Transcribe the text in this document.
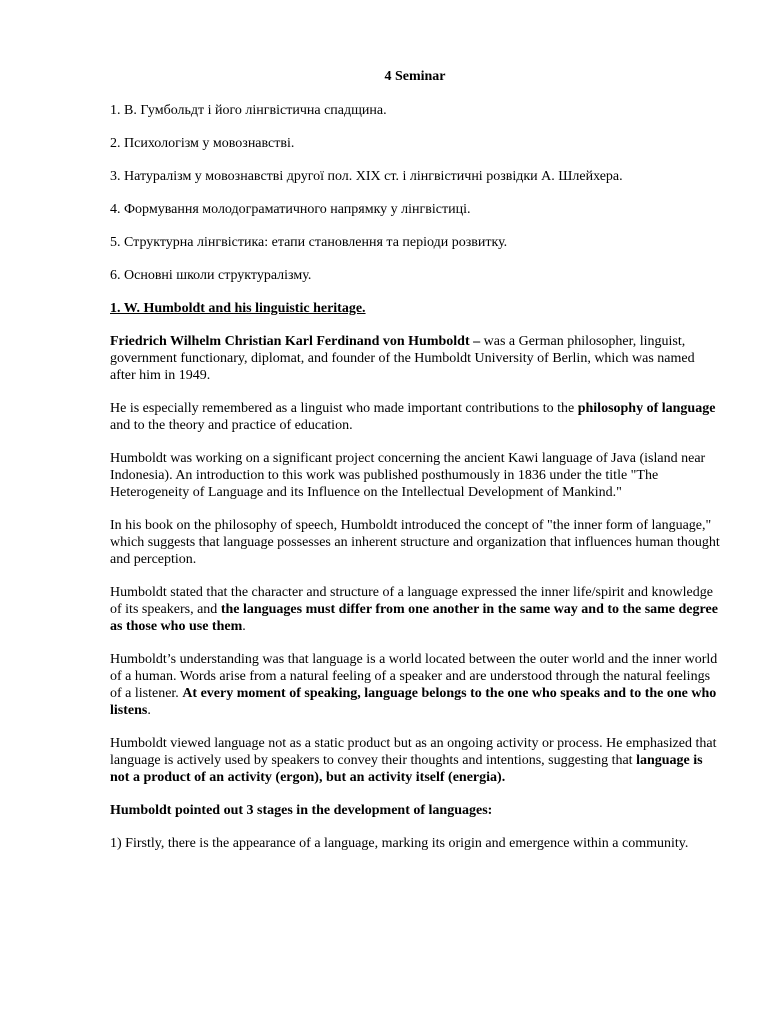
4 Seminar

1. В. Гумбольдт і його лінгвістична спадщина.

2. Психологізм у мовознавстві.

3. Натуралізм у мовознавстві другої пол. XIX ст. і лінгвістичні розвідки А. Шлейхера.

4. Формування молодограматичного напрямку у лінгвістиці.

5. Структурна лінгвістика: етапи становлення та періоди розвитку.

6. Основні школи структуралізму.

1. W. Humboldt and his linguistic heritage.

Friedrich Wilhelm Christian Karl Ferdinand von Humboldt – was a German philosopher, linguist, government functionary, diplomat, and founder of the Humboldt University of Berlin, which was named after him in 1949.

He is especially remembered as a linguist who made important contributions to the philosophy of language and to the theory and practice of education.

Humboldt was working on a significant project concerning the ancient Kawi language of Java (island near Indonesia). An introduction to this work was published posthumously in 1836 under the title "The Heterogeneity of Language and its Influence on the Intellectual Development of Mankind."

In his book on the philosophy of speech, Humboldt introduced the concept of "the inner form of language," which suggests that language possesses an inherent structure and organization that influences human thought and perception.

Humboldt stated that the character and structure of a language expressed the inner life/spirit and knowledge of its speakers, and the languages must differ from one another in the same way and to the same degree as those who use them.

Humboldt’s understanding was that language is a world located between the outer world and the inner world of a human. Words arise from a natural feeling of a speaker and are understood through the natural feelings of a listener. At every moment of speaking, language belongs to the one who speaks and to the one who listens.

Humboldt viewed language not as a static product but as an ongoing activity or process. He emphasized that language is actively used by speakers to convey their thoughts and intentions, suggesting that language is not a product of an activity (ergon), but an activity itself (energia).

Humboldt pointed out 3 stages in the development of languages:

1) Firstly, there is the appearance of a language, marking its origin and emergence within a community.
